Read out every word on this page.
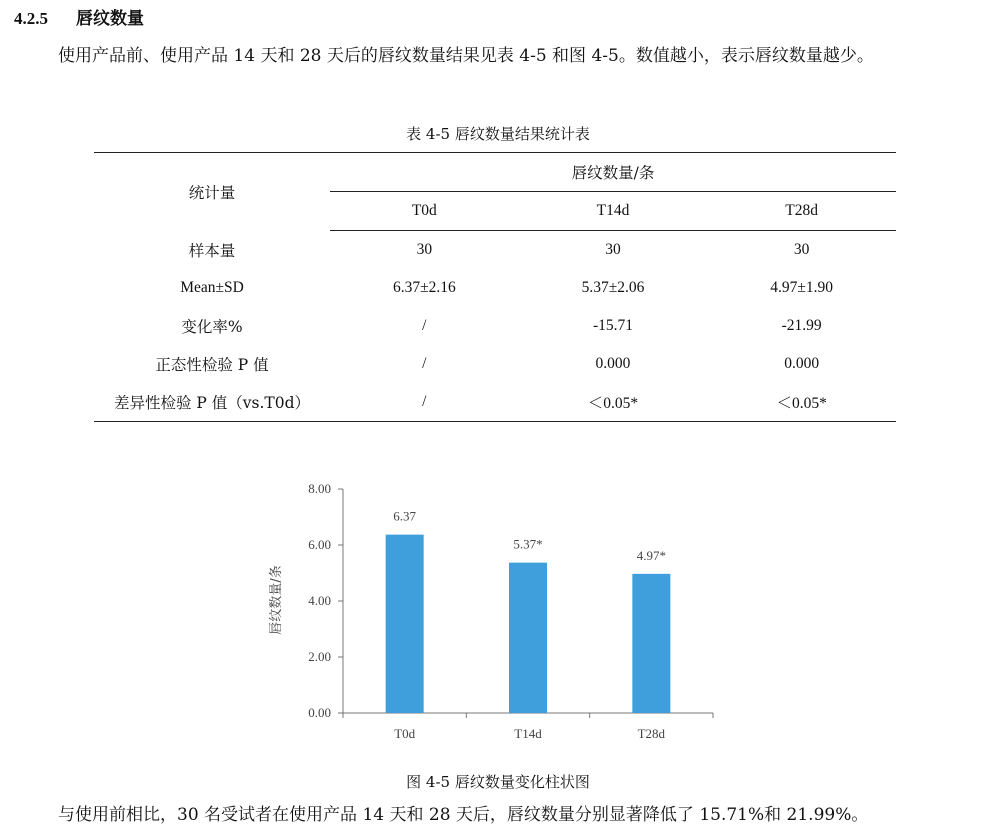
4.2.5 唇纹数量
使用产品前、使用产品 14 天和 28 天后的唇纹数量结果见表 4-5 和图 4-5。数值越小，表示唇纹数量越少。
表 4-5 唇纹数量结果统计表
统计量	唇纹数量/条		
	T0d	T14d	T28d
样本量	30	30	30
Mean±SD	6.37±2.16	5.37±2.06	4.97±1.90
变化率%	/	-15.71	-21.99
正态性检验 P 值	/	0.000	0.000
差异性检验 P 值（vs.T0d）	/	＜0.05*	＜0.05*
唇纹数量/条
0.00
2.00
4.00
6.00
8.00
6.37
T0d
5.37*
T14d
4.97*
T28d
图 4-5 唇纹数量变化柱状图
与使用前相比，30 名受试者在使用产品 14 天和 28 天后，唇纹数量分别显著降低了 15.71%和 21.99%。
